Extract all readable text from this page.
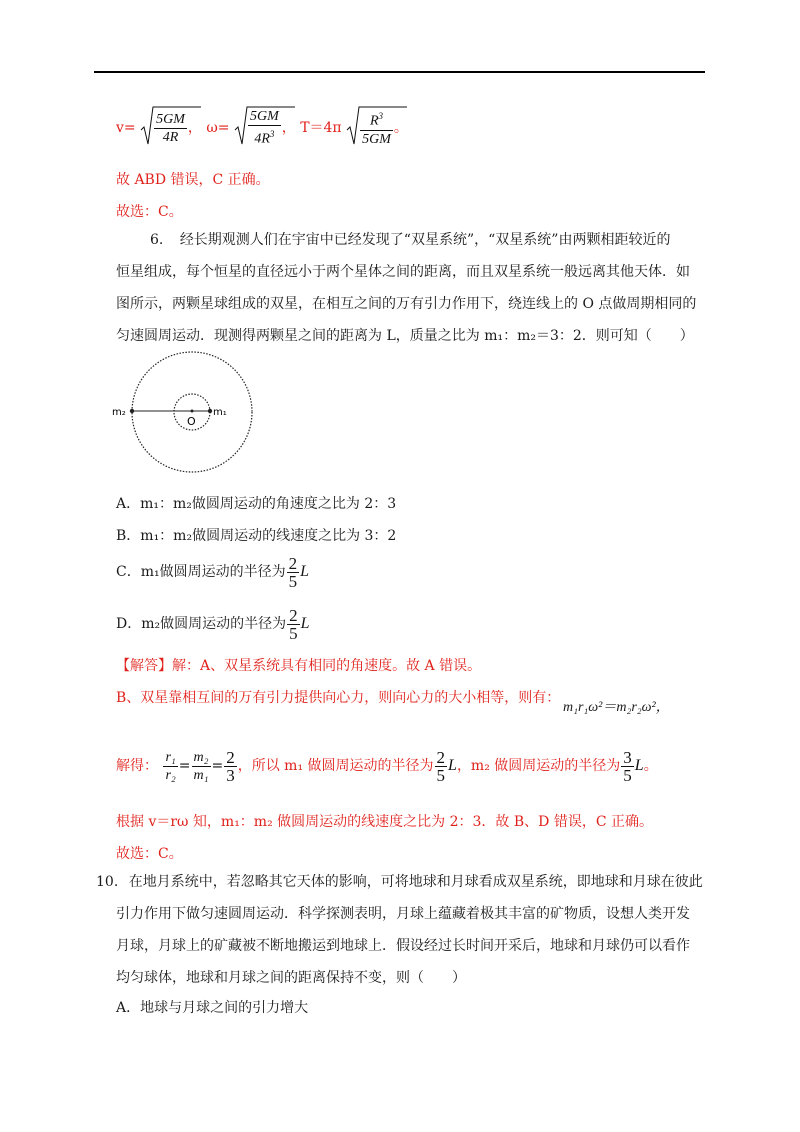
$v= \frac{5GM}{4R}$ ， $\omega= \frac{5GM}{4R^3}$ ， $T=4\pi \frac{R^3}{5GM}$ 。
故 ABD 错误，C 正确。
故选：C。
6. 经长期观测人们在宇宙中已经发现了“双星系统”，“双星系统”由两颗相距较近的
恒星组成，每个恒星的直径远小于两个星体之间的距离，而且双星系统一般远离其他天体．如
图所示，两颗星球组成的双星，在相互之间的万有引力作用下，绕连线上的 O 点做周期相同的
匀速圆周运动．现测得两颗星之间的距离为 L，质量之比为 m₁：m₂＝3：2．则可知（　　）
m₂	m₁
O
A．m₁：m₂做圆周运动的角速度之比为 2：3
B．m₁：m₂做圆周运动的线速度之比为 3：2
C．m₁做圆周运动的半径为 $\frac{2}{5}$ L
D．m₂做圆周运动的半径为 $\frac{2}{5}$ L
【解答】解：A、双星系统具有相同的角速度。故 A 错误。
B、双星靠相互间的万有引力提供向心力，则向心力的大小相等，则有：
m₁r₁ω²＝m₂r₂ω²，
解得： $\frac{\text{r₁}}{\text{r₂}} = \frac{\text{m₂}}{\text{m₁}} = \frac{2}{3}$ ，所以 m₁ 做圆周运动的半径为 $\frac{2}{5}$ L，m₂ 做圆周运动的半径为 $\frac{3}{5}$ L。
根据 v＝rω 知，m₁：m₂ 做圆周运动的线速度之比为 2：3．故 B、D 错误，C 正确。
故选：C。
10. 在地月系统中，若忽略其它天体的影响，可将地球和月球看成双星系统，即地球和月球在彼此
引力作用下做匀速圆周运动．科学探测表明，月球上蕴藏着极其丰富的矿物质，设想人类开发
月球，月球上的矿藏被不断地搬运到地球上．假设经过长时间开采后，地球和月球仍可以看作
均匀球体，地球和月球之间的距离保持不变，则（　　）
A．地球与月球之间的引力增大
